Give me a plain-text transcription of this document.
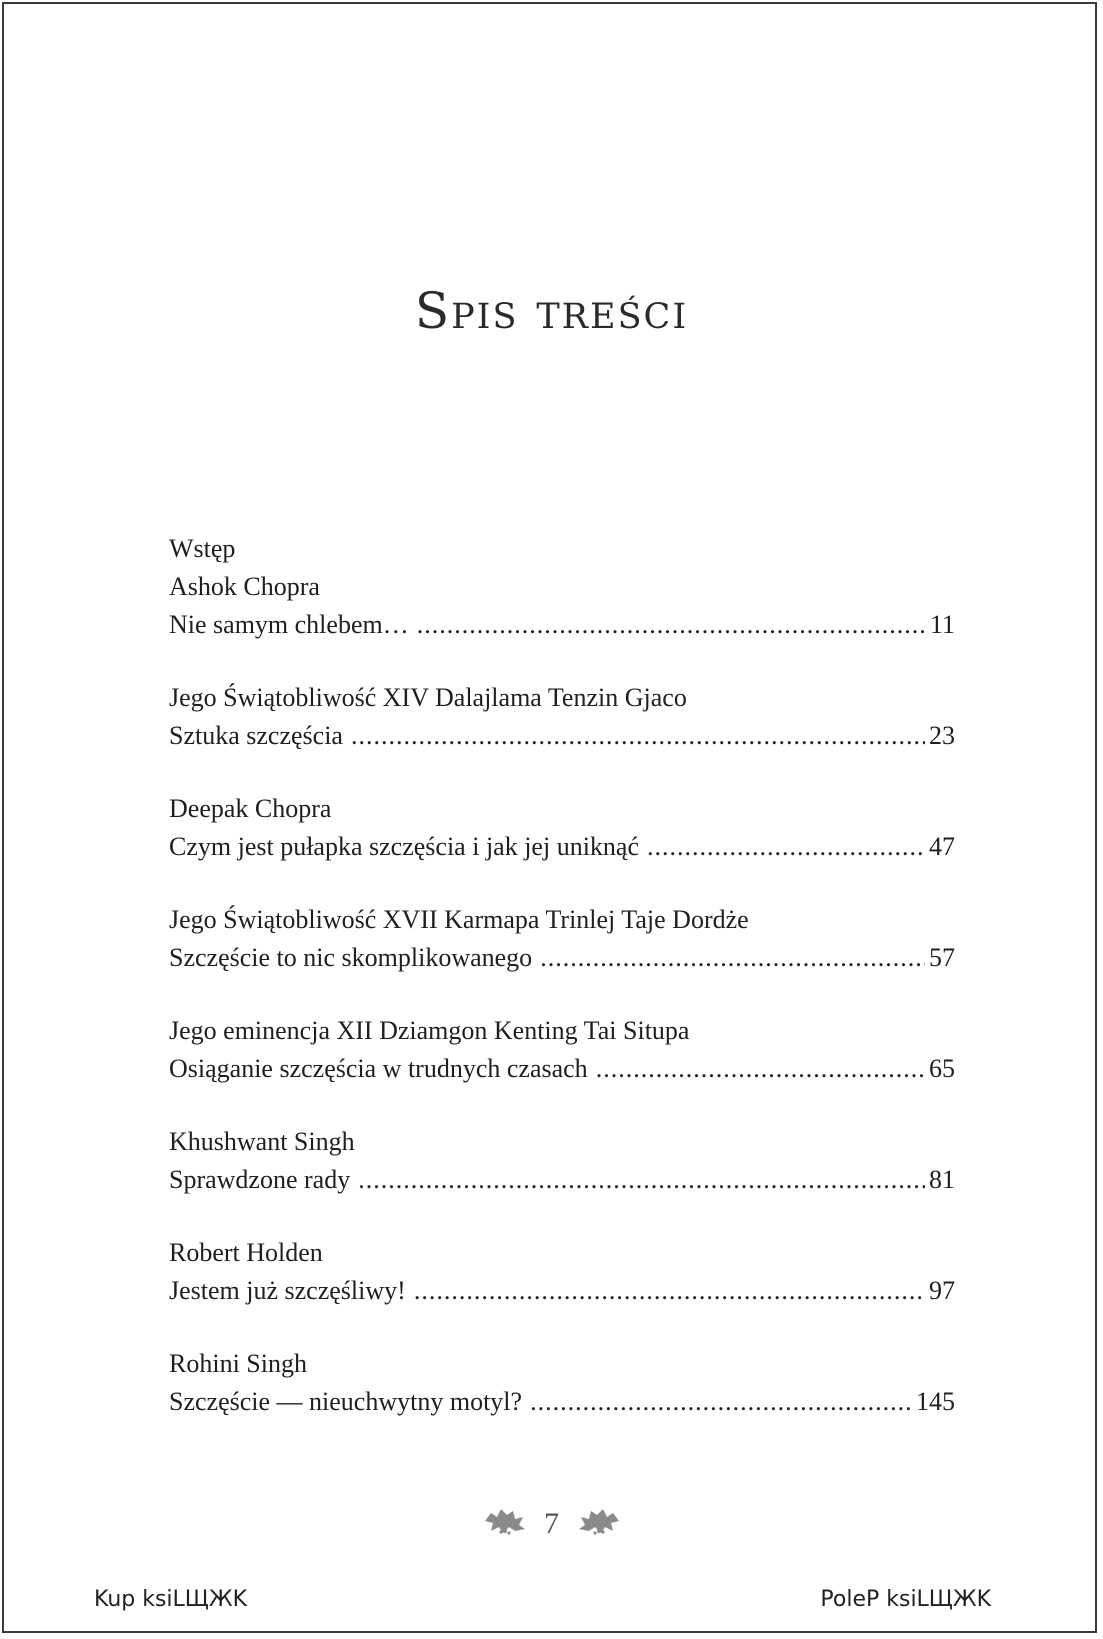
Spis treści
Wstęp
Ashok Chopra
Nie samym chlebem… .....	11
Jego Świątobliwość XIV Dalajlama Tenzin Gjaco
Sztuka szczęścia .....	23
Deepak Chopra
Czym jest pułapka szczęścia i jak jej uniknąć .....	47
Jego Świątobliwość XVII Karmapa Trinlej Taje Dordże
Szczęście to nic skomplikowanego .....	57
Jego eminencja XII Dziamgon Kenting Tai Situpa
Osiąganie szczęścia w trudnych czasach .....	65
Khushwant Singh
Sprawdzone rady .....	81
Robert Holden
Jestem już szczęśliwy! .....	97
Rohini Singh
Szczęście — nieuchwytny motyl? .....	145
7
Kup ksiLЩЖK	PoleP ksiLЩЖK
